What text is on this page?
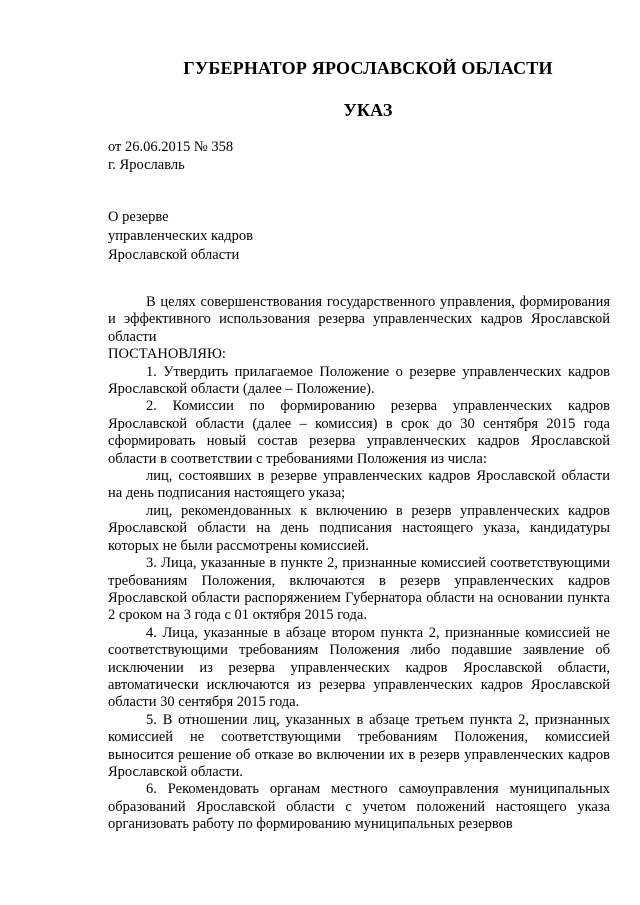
ГУБЕРНАТОР ЯРОСЛАВСКОЙ ОБЛАСТИ
УКАЗ
от 26.06.2015 № 358
г. Ярославль
О резерве
управленческих кадров
Ярославской области

В целях совершенствования государственного управления, формирования и эффективного использования резерва управленческих кадров Ярославской области

ПОСТАНОВЛЯЮ:

1. Утвердить прилагаемое Положение о резерве управленческих кадров Ярославской области (далее – Положение).

2. Комиссии по формированию резерва управленческих кадров Ярославской области (далее – комиссия) в срок до 30 сентября 2015 года сформировать новый состав резерва управленческих кадров Ярославской области в соответствии с требованиями Положения из числа:

лиц, состоявших в резерве управленческих кадров Ярославской области на день подписания настоящего указа;

лиц, рекомендованных к включению в резерв управленческих кадров Ярославской области на день подписания настоящего указа, кандидатуры которых не были рассмотрены комиссией.

3. Лица, указанные в пункте 2, признанные комиссией соответствующими требованиям Положения, включаются в резерв управленческих кадров Ярославской области распоряжением Губернатора области на основании пункта 2 сроком на 3 года с 01 октября 2015 года.

4. Лица, указанные в абзаце втором пункта 2, признанные комиссией не соответствующими требованиям Положения либо подавшие заявление об исключении из резерва управленческих кадров Ярославской области, автоматически исключаются из резерва управленческих кадров Ярославской области 30 сентября 2015 года.

5. В отношении лиц, указанных в абзаце третьем пункта 2, признанных комиссией не соответствующими требованиям Положения, комиссией выносится решение об отказе во включении их в резерв управленческих кадров Ярославской области.

6. Рекомендовать органам местного самоуправления муниципальных образований Ярославской области с учетом положений настоящего указа организовать работу по формированию муниципальных резервов
